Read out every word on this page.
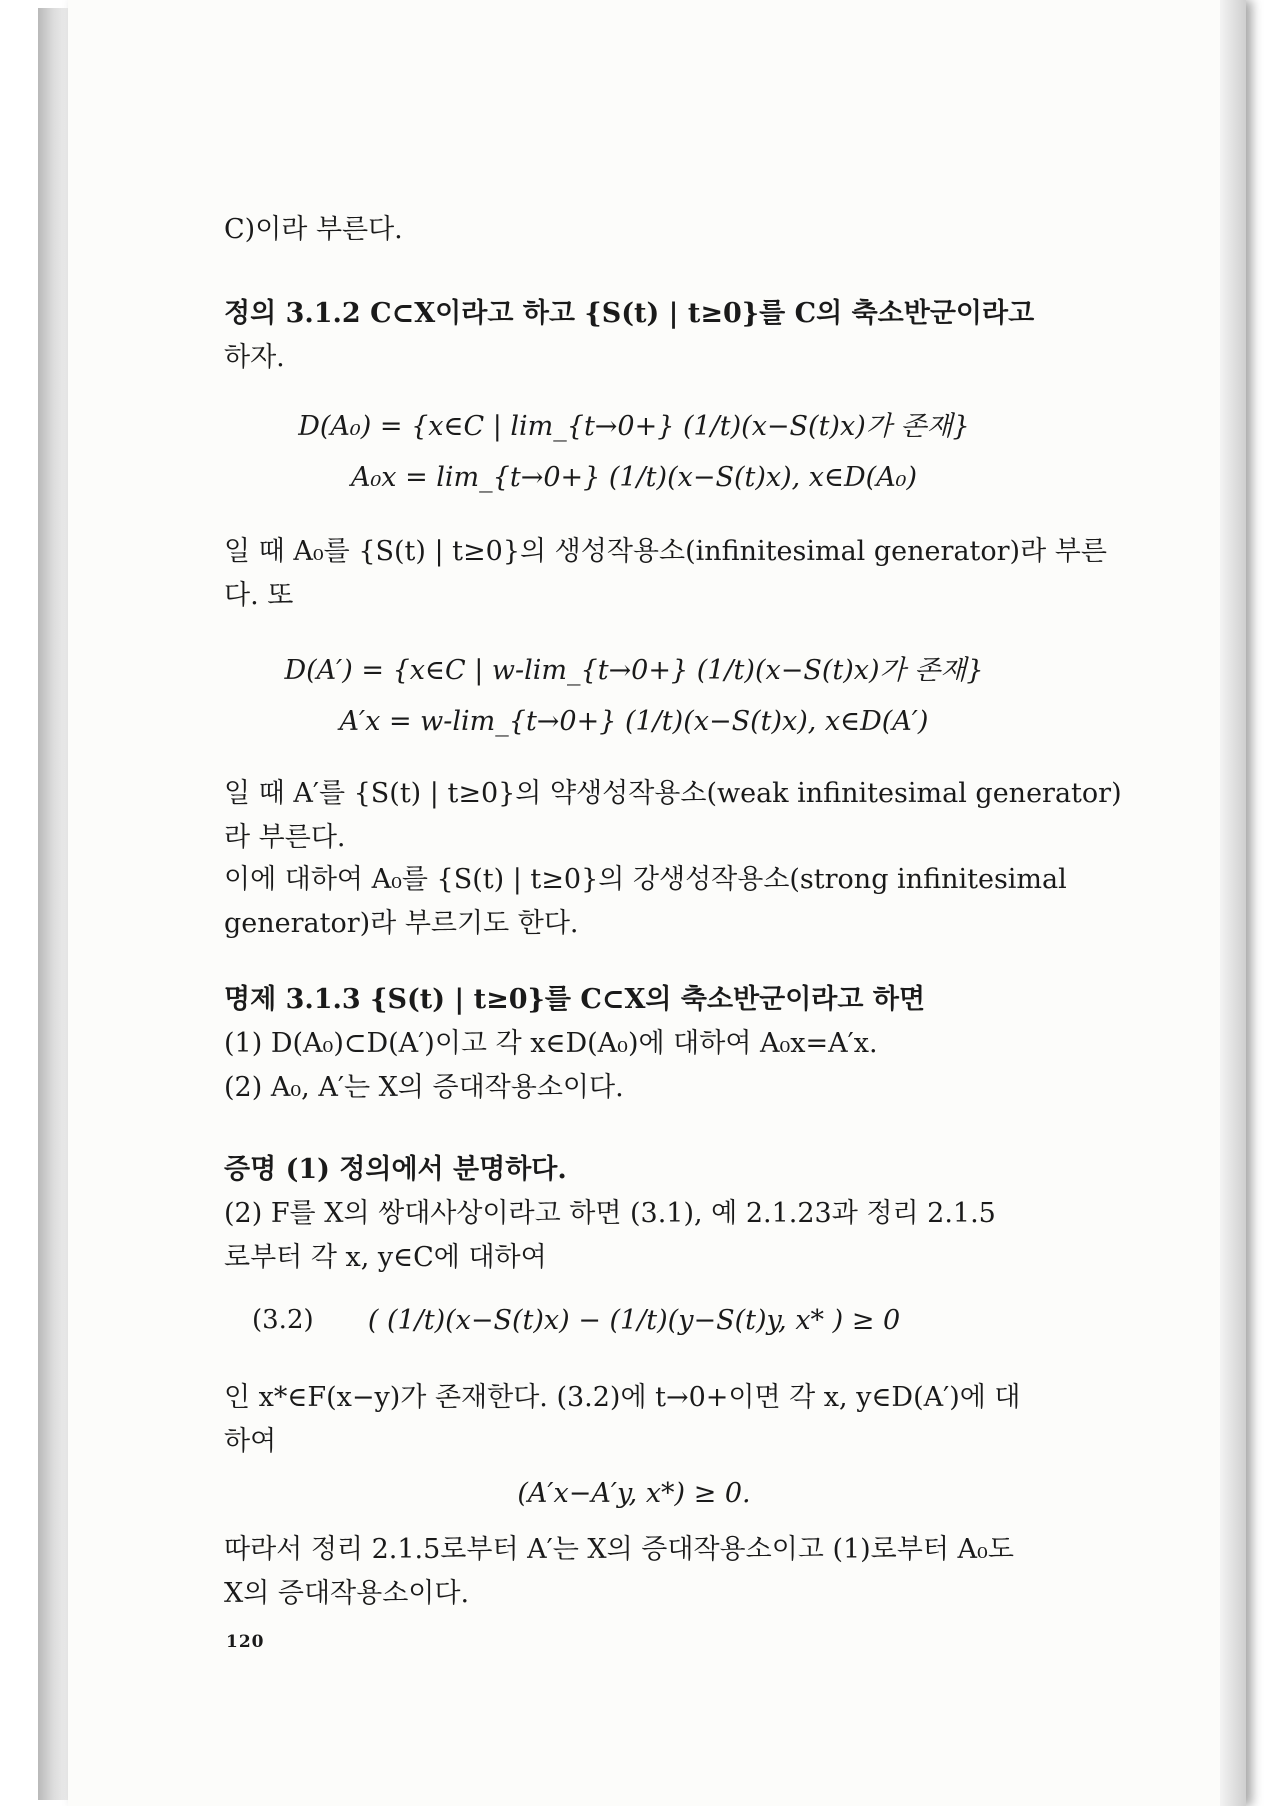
C)이라 부른다.
정의 3.1.2 C⊂X이라고 하고 {S(t) | t≥0}를 C의 축소반군이라고
하자.
D(A₀) = {x∈C | lim_{t→0+} (1/t)(x−S(t)x)가 존재}
A₀x = lim_{t→0+} (1/t)(x−S(t)x), x∈D(A₀)
일 때 A₀를 {S(t) | t≥0}의 생성작용소(infinitesimal generator)라 부른
다. 또
D(A′) = {x∈C | w-lim_{t→0+} (1/t)(x−S(t)x)가 존재}
A′x = w-lim_{t→0+} (1/t)(x−S(t)x), x∈D(A′)
일 때 A′를 {S(t) | t≥0}의 약생성작용소(weak infinitesimal generator)
라 부른다.
이에 대하여 A₀를 {S(t) | t≥0}의 강생성작용소(strong infinitesimal
generator)라 부르기도 한다.
명제 3.1.3 {S(t) | t≥0}를 C⊂X의 축소반군이라고 하면
(1) D(A₀)⊂D(A′)이고 각 x∈D(A₀)에 대하여 A₀x=A′x.
(2) A₀, A′는 X의 증대작용소이다.
증명 (1) 정의에서 분명하다.
(2) F를 X의 쌍대사상이라고 하면 (3.1), 예 2.1.23과 정리 2.1.5
로부터 각 x, y∈C에 대하여
(3.2)	( (1/t)(x−S(t)x) − (1/t)(y−S(t)y, x* ) ≥ 0
인 x*∈F(x−y)가 존재한다. (3.2)에 t→0+이면 각 x, y∈D(A′)에 대
하여
(A′x−A′y, x*) ≥ 0.
따라서 정리 2.1.5로부터 A′는 X의 증대작용소이고 (1)로부터 A₀도
X의 증대작용소이다.
120
